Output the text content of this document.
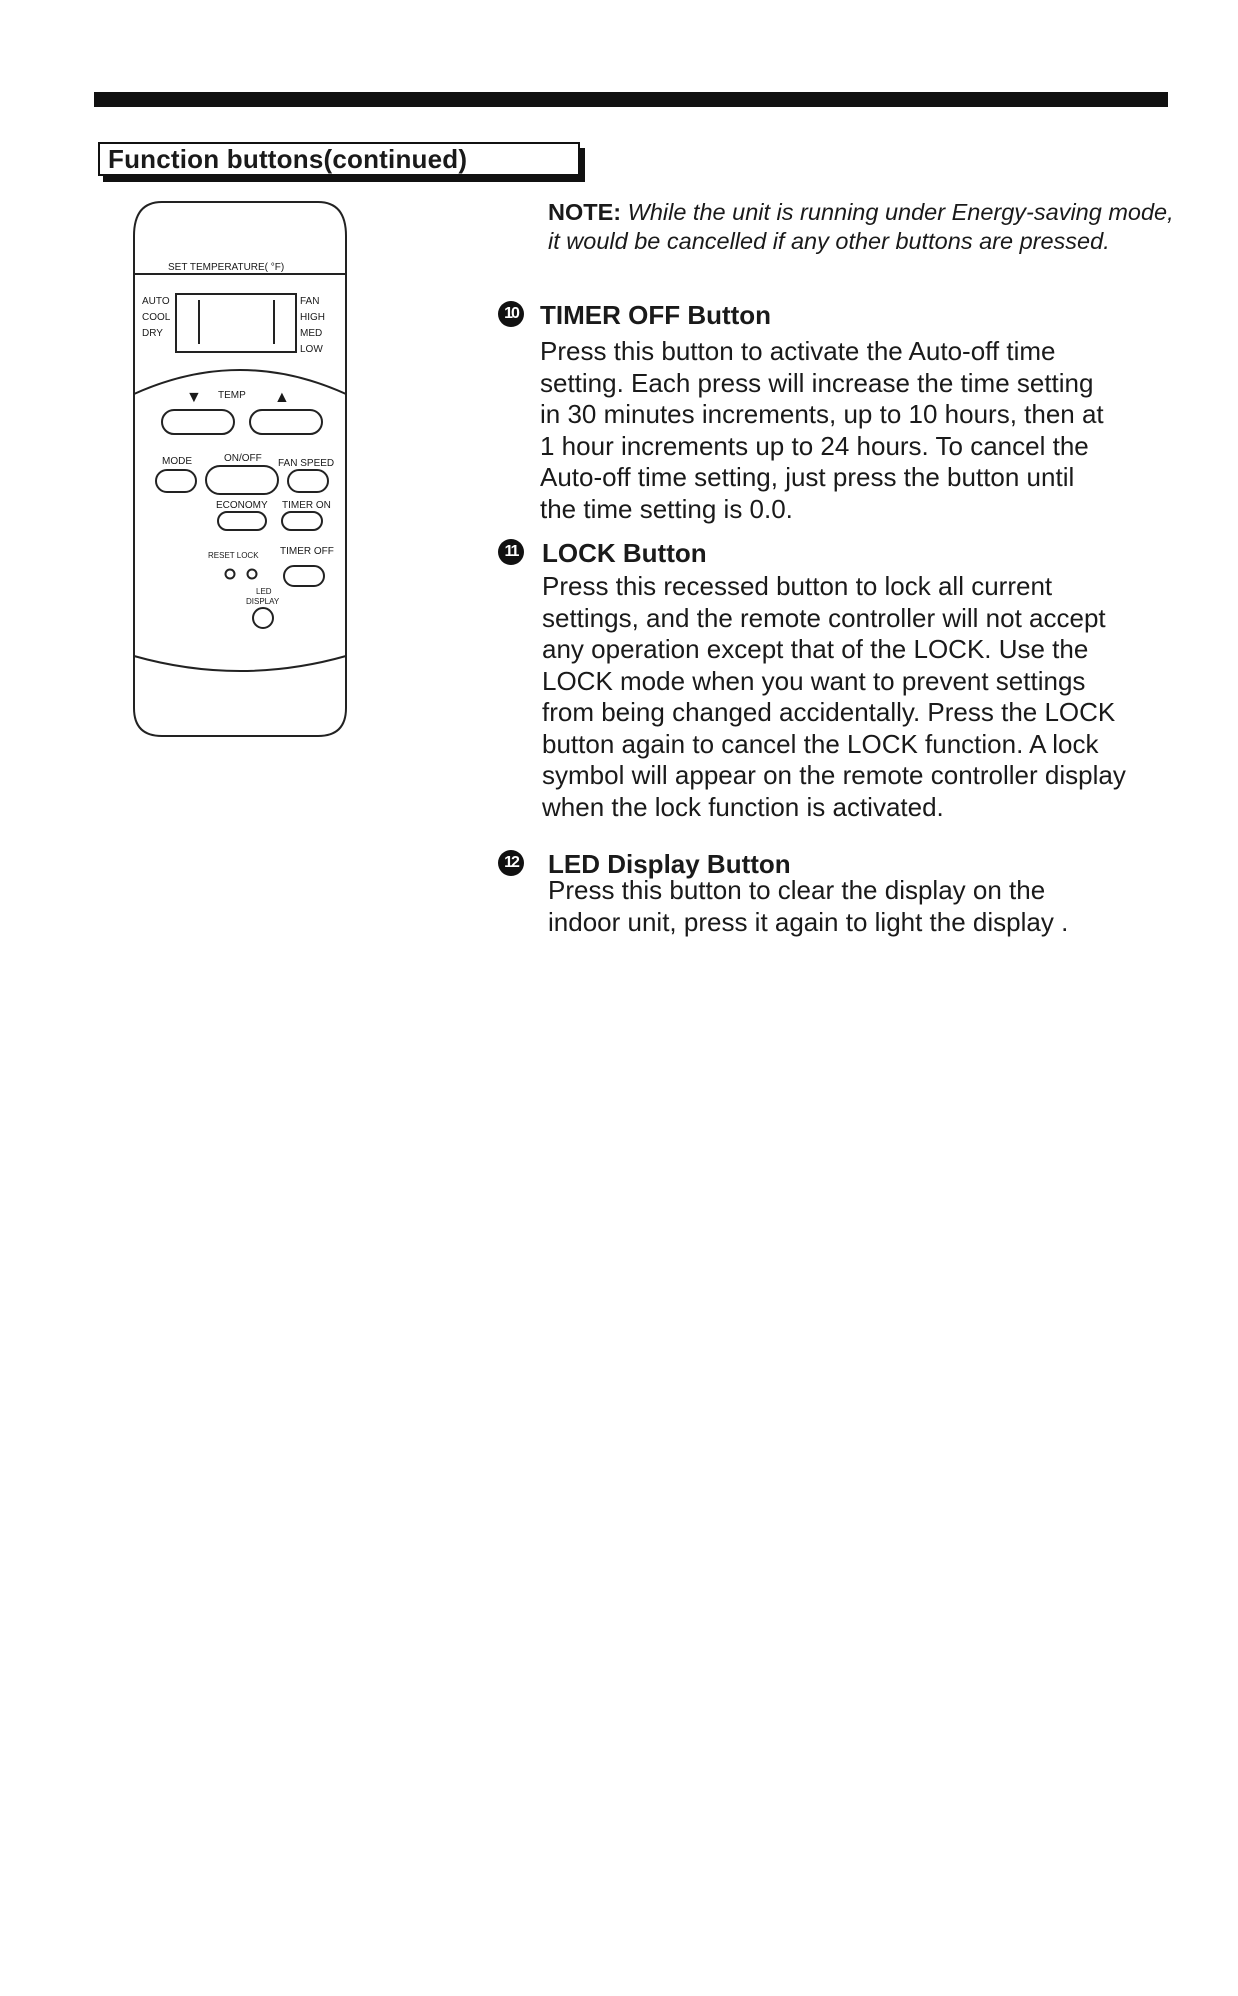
Function buttons(continued)
SET TEMPERATURE( °F)
AUTO
COOL
DRY
FAN
HIGH
MED
LOW
▼ TEMP ▲
MODE	ON/OFF FAN SPEED
ECONOMY TIMER ON
RESET LOCK TIMER OFF
LED
DISPLAY
NOTE: While the unit is running under Energy-saving mode, it would be cancelled if any other buttons are pressed.
10 TIMER OFF Button
Press this button to activate the Auto-off time
setting. Each press will increase the time setting
in 30 minutes increments, up to 10 hours, then at
1 hour increments up to 24 hours. To cancel the
Auto-off time setting, just press the button until
the time setting is 0.0.
11 LOCK Button
Press this recessed button to lock all current
settings, and the remote controller will not accept
any operation except that of the LOCK. Use the
LOCK mode when you want to prevent settings
from being changed accidentally. Press the LOCK
button again to cancel the LOCK function. A lock
symbol will appear on the remote controller display
when the lock function is activated.
12 LED Display Button
Press this button to clear the display on the
indoor unit, press it again to light the display .
